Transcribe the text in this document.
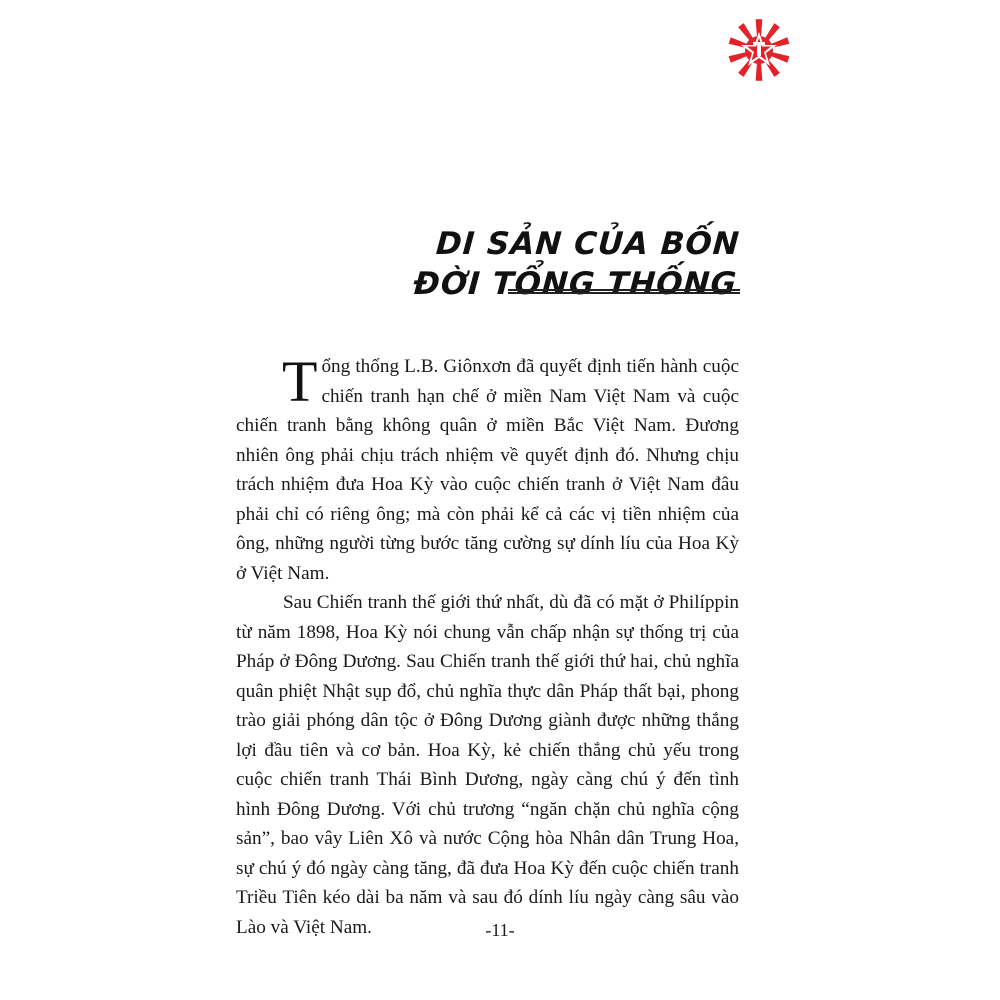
DI SẢN CỦA BỐN
ĐỜI TỔNG THỐNG

Tổng thống L.B. Giônxơn đã quyết định tiến hành cuộc chiến tranh hạn chế ở miền Nam Việt Nam và cuộc chiến tranh bằng không quân ở miền Bắc Việt Nam. Đương nhiên ông phải chịu trách nhiệm về quyết định đó. Nhưng chịu trách nhiệm đưa Hoa Kỳ vào cuộc chiến tranh ở Việt Nam đâu phải chỉ có riêng ông; mà còn phải kể cả các vị tiền nhiệm của ông, những người từng bước tăng cường sự dính líu của Hoa Kỳ ở Việt Nam.

Sau Chiến tranh thế giới thứ nhất, dù đã có mặt ở Philíppin từ năm 1898, Hoa Kỳ nói chung vẫn chấp nhận sự thống trị của Pháp ở Đông Dương. Sau Chiến tranh thế giới thứ hai, chủ nghĩa quân phiệt Nhật sụp đổ, chủ nghĩa thực dân Pháp thất bại, phong trào giải phóng dân tộc ở Đông Dương giành được những thắng lợi đầu tiên và cơ bản. Hoa Kỳ, kẻ chiến thắng chủ yếu trong cuộc chiến tranh Thái Bình Dương, ngày càng chú ý đến tình hình Đông Dương. Với chủ trương “ngăn chặn chủ nghĩa cộng sản”, bao vây Liên Xô và nước Cộng hòa Nhân dân Trung Hoa, sự chú ý đó ngày càng tăng, đã đưa Hoa Kỳ đến cuộc chiến tranh Triều Tiên kéo dài ba năm và sau đó dính líu ngày càng sâu vào Lào và Việt Nam.	-11-
